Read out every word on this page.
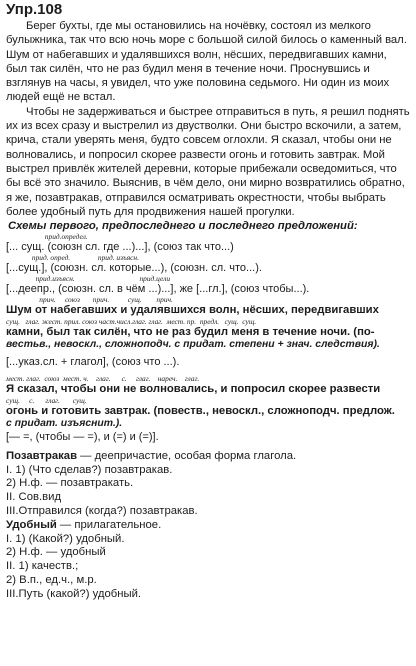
Упр.108

Берег бухты, где мы остановились на ночёвку, состоял из мелкого булыжника, так что всю ночь море с большой силой билось о каменный вал. Шум от набегавших и удалявшихся волн, нёсших, передвигавших камни, был так силён, что не раз будил меня в течение ночи. Проснувшись и взглянув на часы, я увидел, что уже половина седьмого. Ни один из моих людей ещё не встал.

Чтобы не задерживаться и быстрее отправиться в путь, я решил поднять их из всех сразу и выстрелил из двустволки. Они быстро вскочили, а затем, крича, стали уверять меня, будто совсем оглохли. Я сказал, чтобы они не волновались, и попросил скорее развести огонь и готовить завтрак. Мой выстрел привлёк жителей деревни, которые прибежали осведомиться, что бы всё это значило. Выяснив, в чём дело, они мирно возвратились обратно, я же, позавтракав, отправился осматривать окрестности, чтобы выбрать более удобный путь для продвижения нашей прогулки.

Схемы первого, предпоследнего и последнего предложений:

прид.определ.

[... сущ. (союзн сл. где ...)...], (союз так что...)

прид. опред.               прид. изъясн.

[...сущ.], (союзн. сл. которые...), (союзн. сл. что...).

прид.изъясн.                                   прид.цели

[...деепр., (союзн. сл. в чём ...)...], же [...гл.], (союз чтобы...).

прич.     союз       прич.          сущ.        прич.

Шум от набегавших и удалявшихся волн, нёсших, передвигавших

сущ.   глаг. жест. прил. союз част.числ.глаг. глаг.  мест. пр.  предл.   сущ.  сущ.

камни, был так силён, что не раз будил меня в течение ночи. (по-

вестьв., невоскл., сложноподч. с придат. степени + знач. следствия).

[...указ.сл. + глагол], (союз что ...).

мест. глаг.  союз  мест. ч.    глаг.      с.     глаг.    нареч.    глаг.

Я сказал, чтобы они не волновались, и попросил скорее развести

сущ.     с.      глаг.       сущ.

огонь и готовить завтрак. (повеств., невоскл., сложноподч. предлож.

с придат. изъяснит.).

[— =, (чтобы — =), и (=) и (=)].

Позавтракав — деепричастие, особая форма глагола.

I. 1) (Что сделав?) позавтракав.
2) Н.ф. — позавтракать.
II. Сов.вид
III.Отправился (когда?) позавтракав.

Удобный — прилагательное.

I. 1) (Какой?) удобный.
2) Н.ф. — удобный
II. 1) качеств.;
2) В.п., ед.ч., м.р.
III.Путь (какой?) удобный.
